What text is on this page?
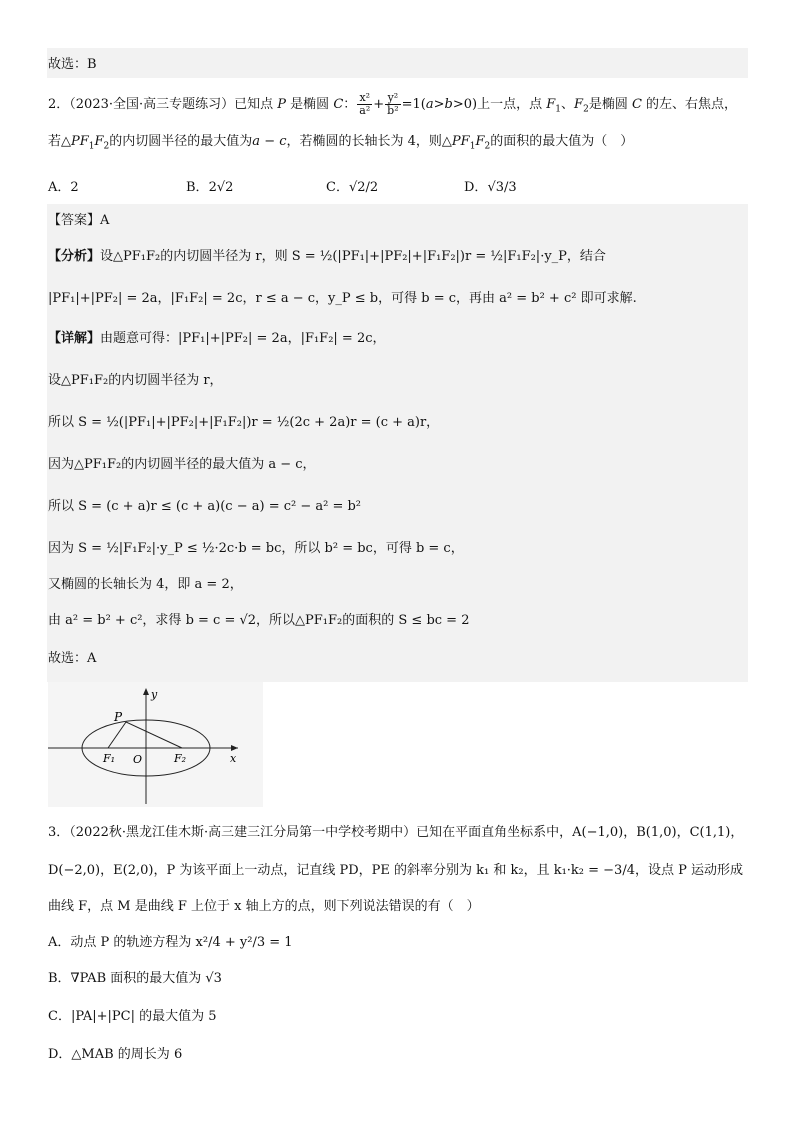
故选：B
2．（2023·全国·高三专题练习）已知点 P 是椭圆 C： $\frac{\text{x²}}{\text{a²}} + \frac{\text{y²}}{\text{b²}} =1(a>b>0)$上一点，点 $F_1$、$F_2$是椭圆 C 的左、右焦点，
若$\triangle PF_1F_2$的内切圆半径的最大值为a − c，若椭圆的长轴长为 4，则$\triangle PF_1F_2$的面积的最大值为（　）
A．2	B．2√2	C．√2/2	D．√3/3
【答案】A
【分析】设△PF₁F₂的内切圆半径为 r，则 S = ½(|PF₁|+|PF₂|+|F₁F₂|)r = ½|F₁F₂|·y_P，结合
|PF₁|+|PF₂| = 2a，|F₁F₂| = 2c，r ≤ a − c，y_P ≤ b，可得 b = c，再由 a² = b² + c² 即可求解.
【详解】由题意可得：|PF₁|+|PF₂| = 2a，|F₁F₂| = 2c，
设△PF₁F₂的内切圆半径为 r，
所以 S = ½(|PF₁|+|PF₂|+|F₁F₂|)r = ½(2c + 2a)r = (c + a)r，
因为△PF₁F₂的内切圆半径的最大值为 a − c，
所以 S = (c + a)r ≤ (c + a)(c − a) = c² − a² = b²
因为 S = ½|F₁F₂|·y_P ≤ ½·2c·b = bc，所以 b² = bc，可得 b = c，
又椭圆的长轴长为 4，即 a = 2，
由 a² = b² + c²，求得 b = c = √2，所以△PF₁F₂的面积的 S ≤ bc = 2
故选：A
P
y
x
F₁ O	F₂
3．（2022秋·黑龙江佳木斯·高三建三江分局第一中学校考期中）已知在平面直角坐标系中，A(−1,0)，B(1,0)，C(1,1)，
D(−2,0)，E(2,0)，P 为该平面上一动点，记直线 PD，PE 的斜率分别为 k₁ 和 k₂，且 k₁·k₂ = −3/4，设点 P 运动形成
曲线 F，点 M 是曲线 F 上位于 x 轴上方的点，则下列说法错误的有（　）
A．动点 P 的轨迹方程为 x²/4 + y²/3 = 1
B．∇PAB 面积的最大值为 √3
C．|PA|+|PC| 的最大值为 5
D．△MAB 的周长为 6
